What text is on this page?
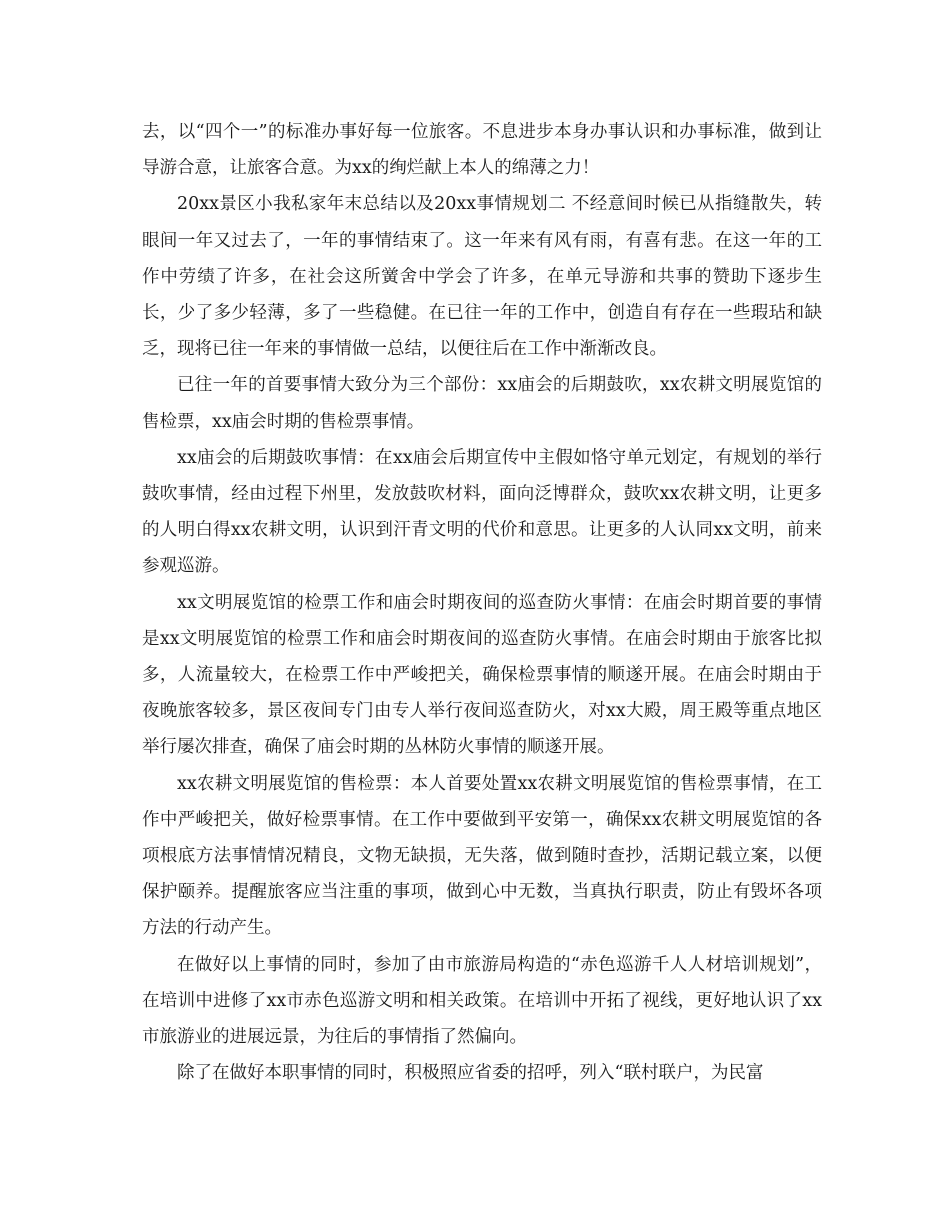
去，以“四个一”的标准办事好每一位旅客。不息进步本身办事认识和办事标准，做到让导游合意，让旅客合意。为xx的绚烂献上本人的绵薄之力！

20xx景区小我私家年末总结以及20xx事情规划二 不经意间时候已从指缝散失，转眼间一年又过去了，一年的事情结束了。这一年来有风有雨，有喜有悲。在这一年的工作中劳绩了许多，在社会这所黉舍中学会了许多，在单元导游和共事的赞助下逐步生长，少了多少轻薄，多了一些稳健。在已往一年的工作中，创造自有存在一些瑕玷和缺乏，现将已往一年来的事情做一总结，以便往后在工作中渐渐改良。

已往一年的首要事情大致分为三个部份：xx庙会的后期鼓吹，xx农耕文明展览馆的售检票，xx庙会时期的售检票事情。

xx庙会的后期鼓吹事情：在xx庙会后期宣传中主假如恪守单元划定，有规划的举行鼓吹事情，经由过程下州里，发放鼓吹材料，面向泛博群众，鼓吹xx农耕文明，让更多的人明白得xx农耕文明，认识到汗青文明的代价和意思。让更多的人认同xx文明，前来参观巡游。

xx文明展览馆的检票工作和庙会时期夜间的巡查防火事情：在庙会时期首要的事情是xx文明展览馆的检票工作和庙会时期夜间的巡查防火事情。在庙会时期由于旅客比拟多，人流量较大，在检票工作中严峻把关，确保检票事情的顺遂开展。在庙会时期由于夜晚旅客较多，景区夜间专门由专人举行夜间巡查防火，对xx大殿，周王殿等重点地区举行屡次排查，确保了庙会时期的丛林防火事情的顺遂开展。

xx农耕文明展览馆的售检票：本人首要处置xx农耕文明展览馆的售检票事情，在工作中严峻把关，做好检票事情。在工作中要做到平安第一，确保xx农耕文明展览馆的各项根底方法事情情况精良，文物无缺损，无失落，做到随时查抄，活期记载立案，以便保护颐养。提醒旅客应当注重的事项，做到心中无数，当真执行职责，防止有毁坏各项方法的行动产生。

在做好以上事情的同时，参加了由市旅游局构造的“赤色巡游千人人材培训规划”，在培训中进修了xx市赤色巡游文明和相关政策。在培训中开拓了视线，更好地认识了xx市旅游业的进展远景，为往后的事情指了然偏向。

除了在做好本职事情的同时，积极照应省委的招呼，列入“联村联户，为民富
